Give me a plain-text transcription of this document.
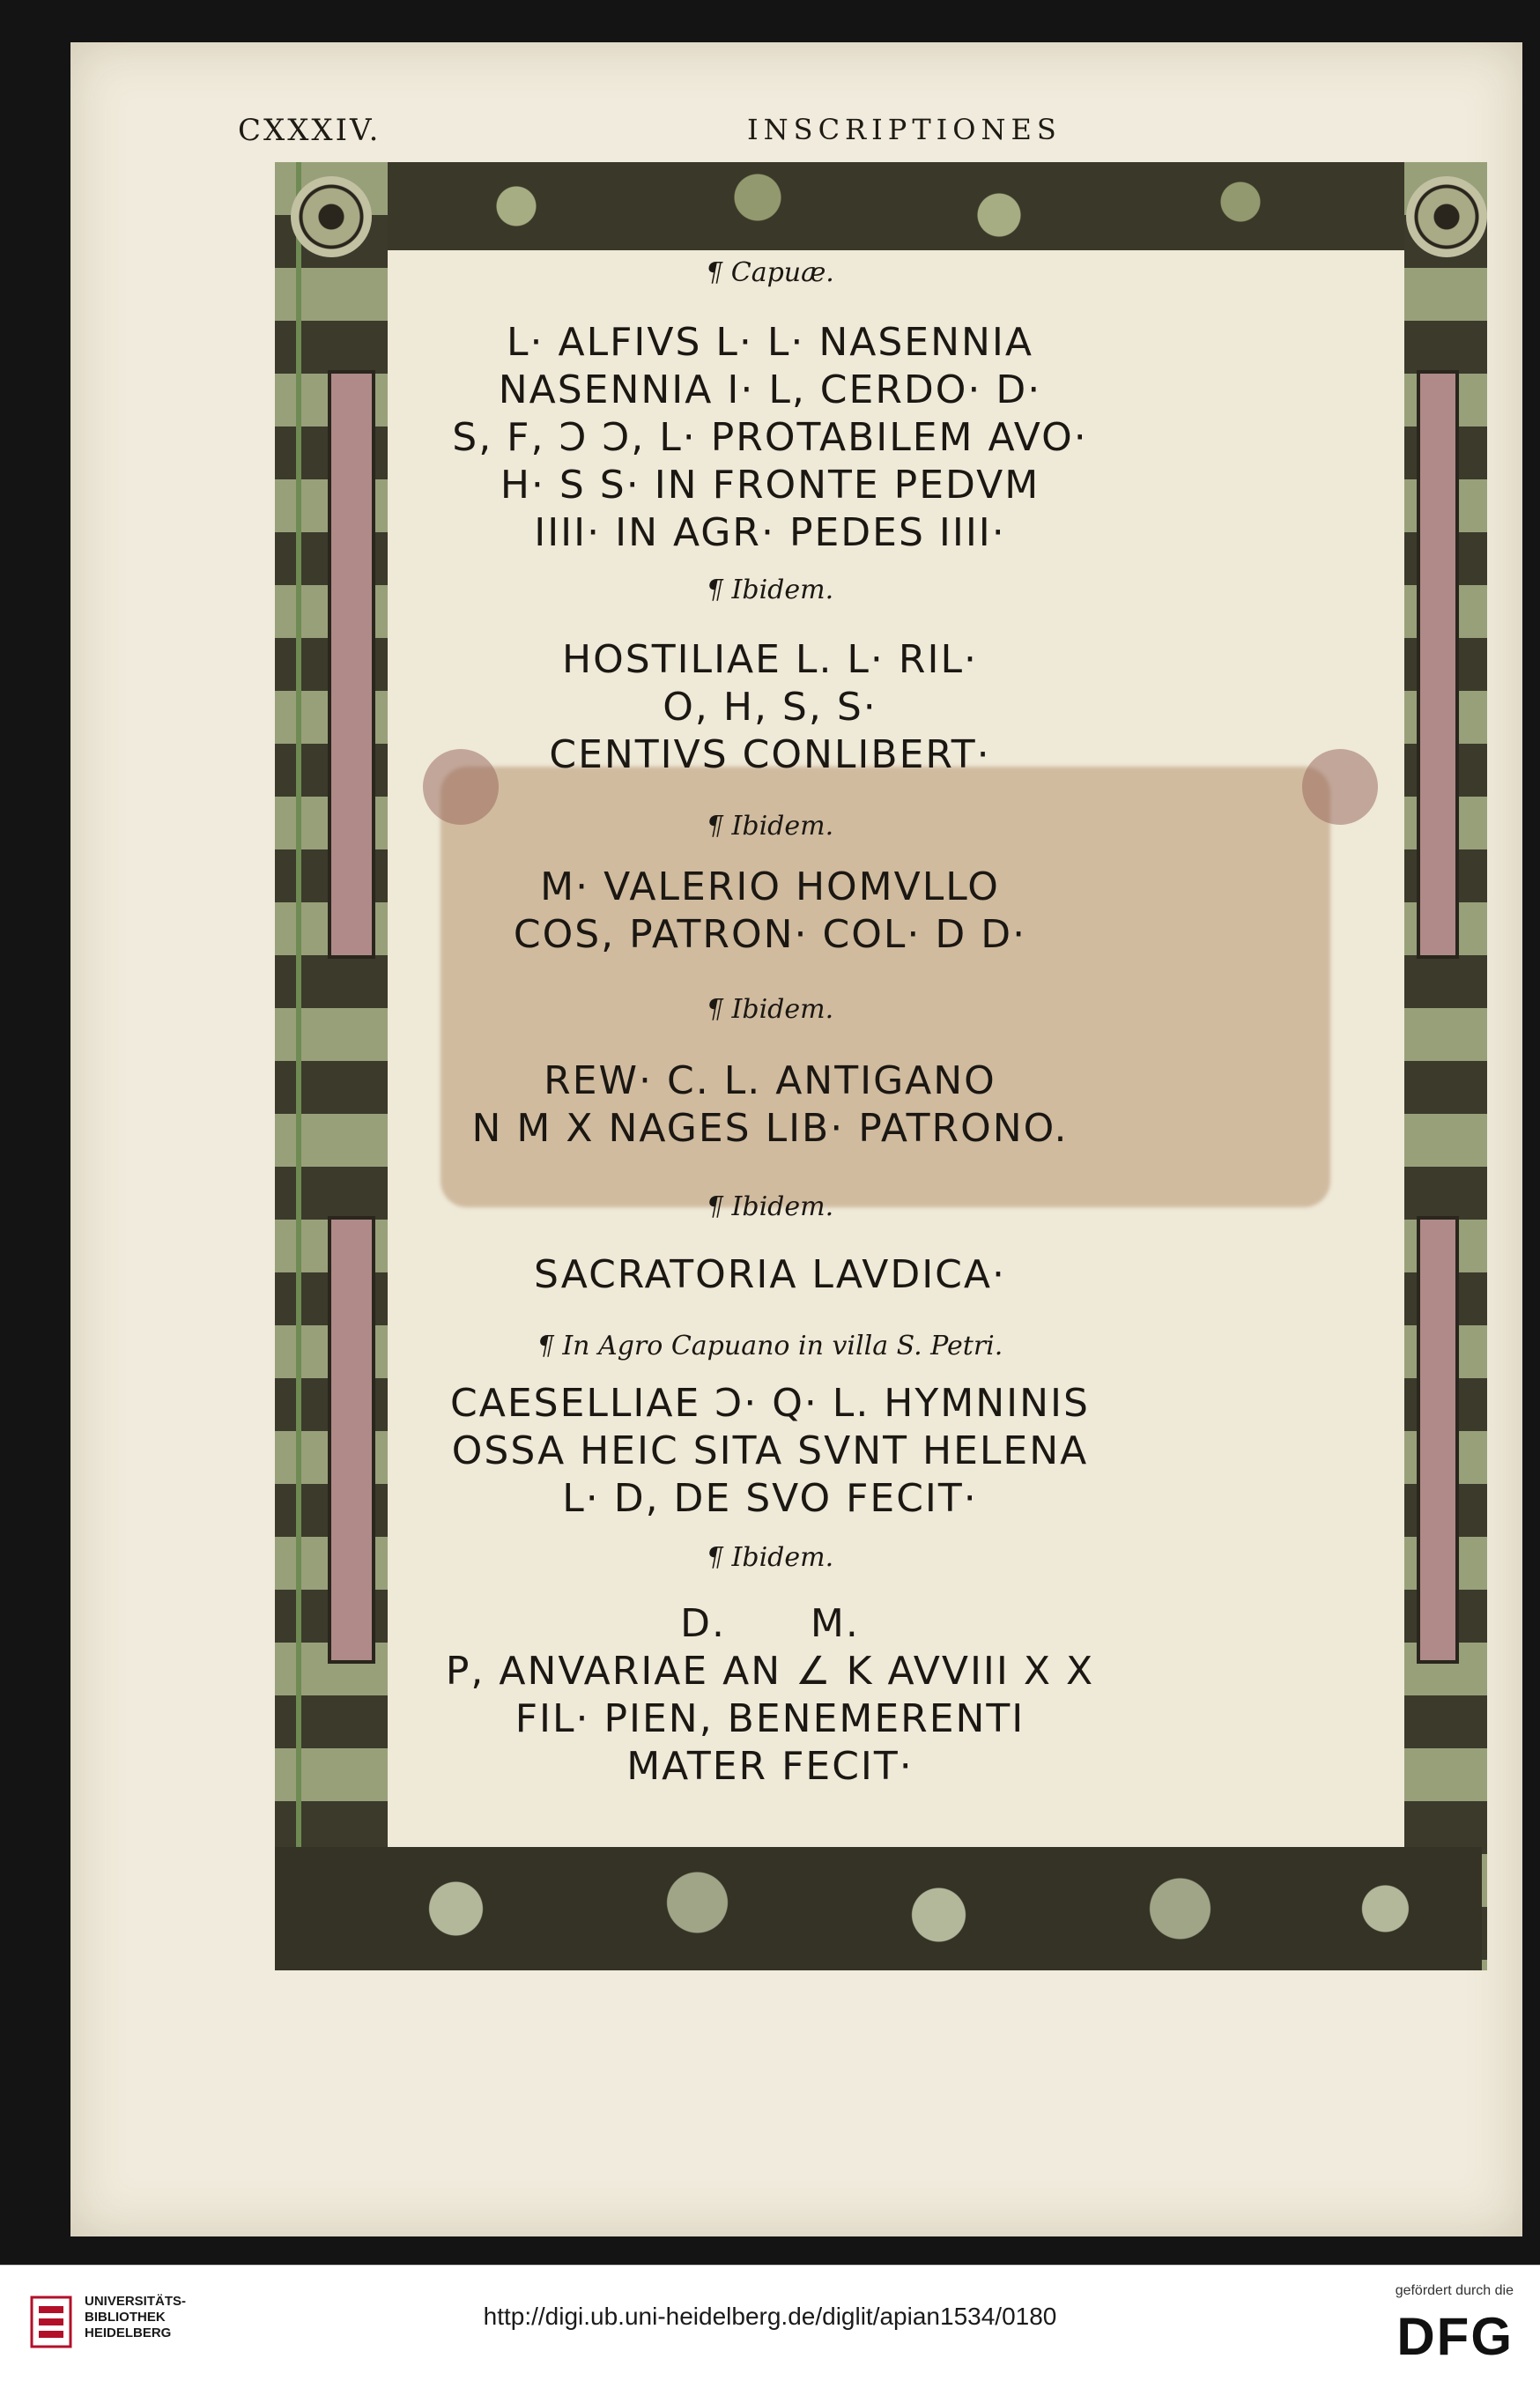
CXXXIV.	INSCRIPTIONES
¶ Capuæ.
L· ALFIVS L· L· NASENNIA
NASENNIA I· L, CERDO· D·
S, F, Ↄ Ↄ, L· PROTABILEM AVO·
H· S S· IN FRONTE PEDVM
IIII· IN AGR· PEDES IIII·
¶ Ibidem.
HOSTILIAE L. L· RIL·
O, H, S, S·
CENTIVS CONLIBERT·
¶ Ibidem.
M· VALERIO HOMVLLO
COS, PATRON· COL· D D·
¶ Ibidem.
REW· C. L. ANTIGANO
N M X NAGES LIB· PATRONO.
¶ Ibidem.
SACRATORIA LAVDICA·
¶ In Agro Capuano in villa S. Petri.
CAESELLIAE Ↄ· Q· L. HYMNINIS
OSSA HEIC SITA SVNT HELENA
L· D, DE SVO FECIT·
¶ Ibidem.
D.      M.
P, ANVARIAE AN ∠ K AVVIII X X
FIL· PIEN, BENEMERENTI
MATER FECIT·
UNIVERSITÄTS-
BIBLIOTHEK
HEIDELBERG
http://digi.ub.uni-heidelberg.de/diglit/apian1534/0180
gefördert durch die
DFG
